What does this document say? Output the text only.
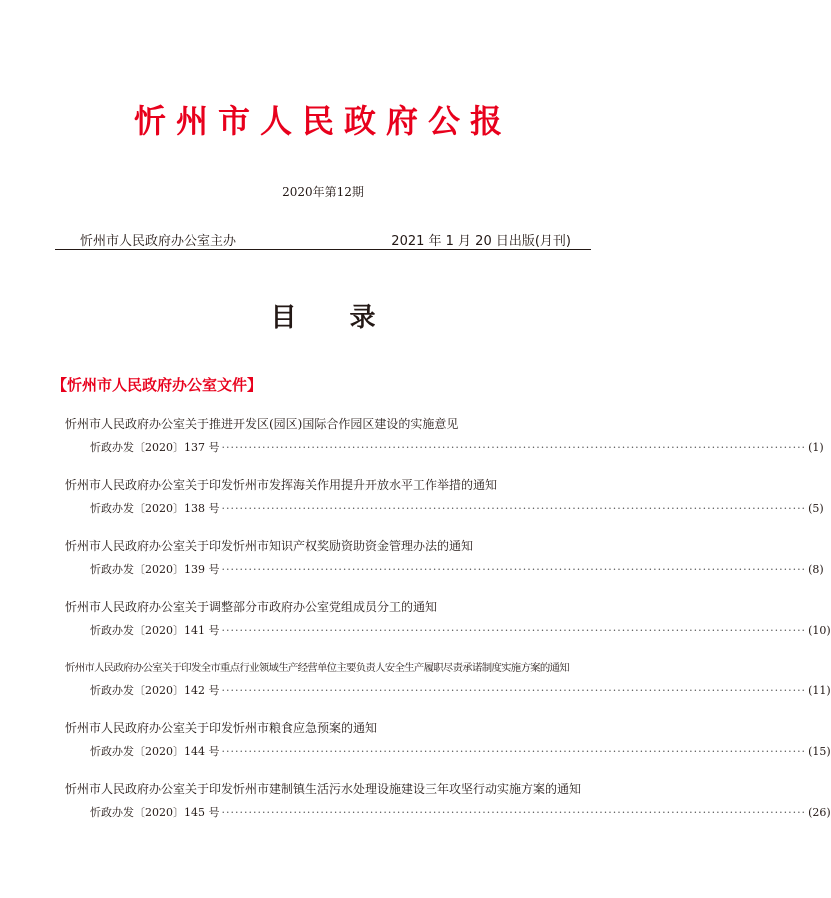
忻州市人民政府公报
2020年第12期
忻州市人民政府办公室主办	2021 年 1 月 20 日出版(月刊)
目 录
【忻州市人民政府办公室文件】
忻州市人民政府办公室关于推进开发区(园区)国际合作园区建设的实施意见
忻政办发〔2020〕137 号 ·································································································································· (1)
忻州市人民政府办公室关于印发忻州市发挥海关作用提升开放水平工作举措的通知
忻政办发〔2020〕138 号 ·································································································································· (5)
忻州市人民政府办公室关于印发忻州市知识产权奖励资助资金管理办法的通知
忻政办发〔2020〕139 号 ·································································································································· (8)
忻州市人民政府办公室关于调整部分市政府办公室党组成员分工的通知
忻政办发〔2020〕141 号 ·································································································································· (10)
忻州市人民政府办公室关于印发全市重点行业领域生产经营单位主要负责人安全生产履职尽责承诺制度实施方案的通知
忻政办发〔2020〕142 号 ·································································································································· (11)
忻州市人民政府办公室关于印发忻州市粮食应急预案的通知
忻政办发〔2020〕144 号 ·································································································································· (15)
忻州市人民政府办公室关于印发忻州市建制镇生活污水处理设施建设三年攻坚行动实施方案的通知
忻政办发〔2020〕145 号 ·································································································································· (26)
